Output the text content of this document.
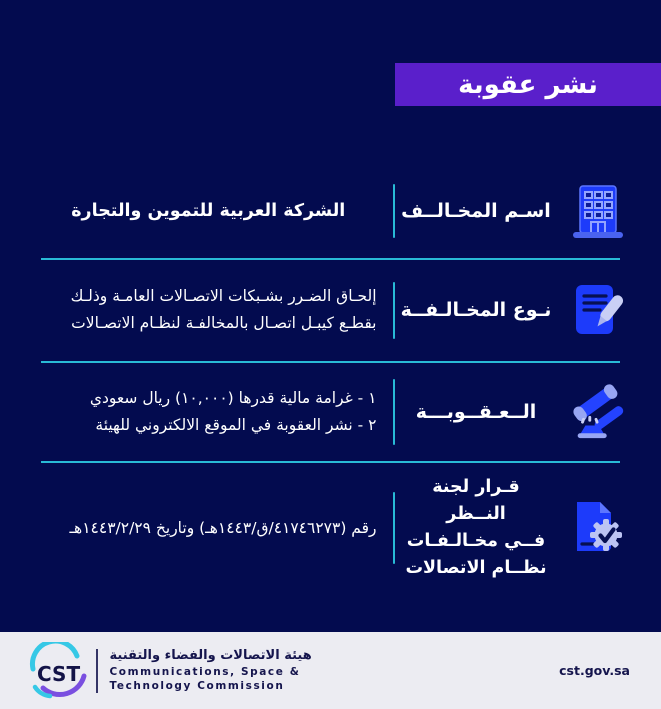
نشر عقوبة
اسـم المخـالــف
الشركة العربية للتموين والتجارة
نـوع المخـالـفــة
إلحـاق الضـرر بشـبكات الاتصـالات العامـة وذلـك
بقطـع كيبـل اتصـال بالمخالفـة لنظـام الاتصـالات
الــعـقــوبـــة
١ - غرامة مالية قدرها (١٠,٠٠٠) ريال سعودي
٢ - نشر العقوبة في الموقع الالكتروني للهيئة
قـرار لجنة النــظر
فــي مخـالـفـات
نظــام الاتصالات
رقم (٤١٧٤٦٢٧٣/ق/١٤٤٣هـ) وتاريخ ١٤٤٣/٢/٢٩هـ
CST
هيئة الاتصالات والفضاء والتقنية
Communications, Space &
Technology Commission
cst.gov.sa
